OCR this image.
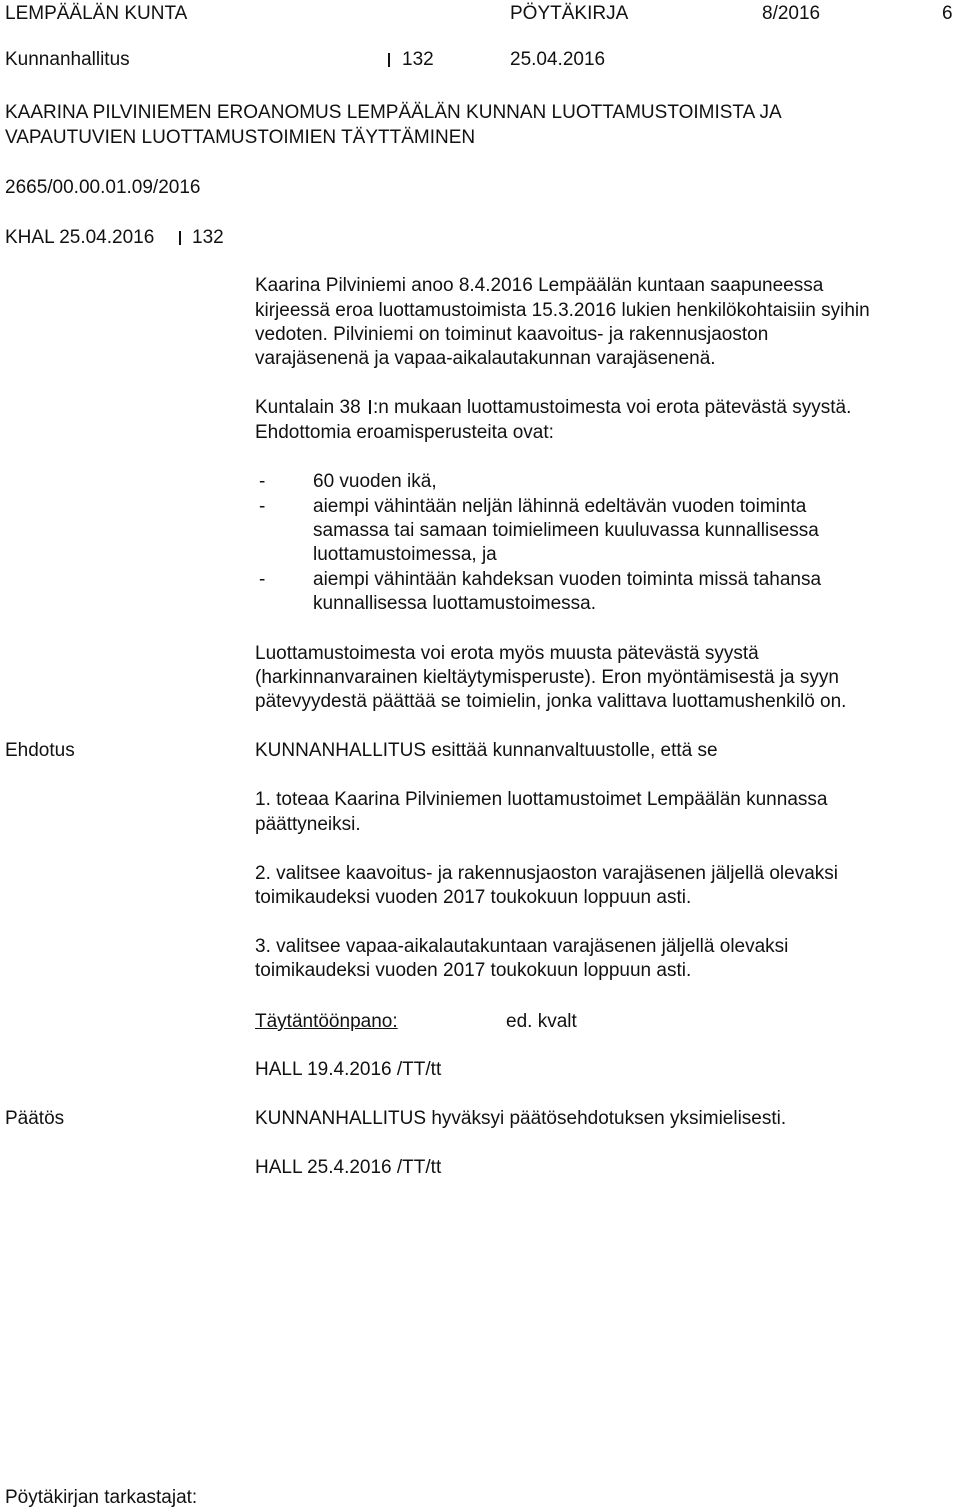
LEMPÄÄLÄN KUNTA	PÖYTÄKIRJA	8/2016	6
Kunnanhallitus	132	25.04.2016
KAARINA PILVINIEMEN EROANOMUS LEMPÄÄLÄN KUNNAN LUOTTAMUSTOIMISTA JA
VAPAUTUVIEN LUOTTAMUSTOIMIEN TÄYTTÄMINEN
2665/00.00.01.09/2016
KHAL 25.04.2016 132
Kaarina Pilviniemi anoo 8.4.2016 Lempäälän kuntaan saapuneessa
kirjeessä eroa luottamustoimista 15.3.2016 lukien henkilökohtaisiin syihin
vedoten. Pilviniemi on toiminut kaavoitus- ja rakennusjaoston
varajäsenenä ja vapaa-aikalautakunnan varajäsenenä.
Kuntalain 38 :n mukaan luottamustoimesta voi erota pätevästä syystä.
Ehdottomia eroamisperusteita ovat:
-	60 vuoden ikä,
-	aiempi vähintään neljän lähinnä edeltävän vuoden toiminta
samassa tai samaan toimielimeen kuuluvassa kunnallisessa
luottamustoimessa, ja
-	aiempi vähintään kahdeksan vuoden toiminta missä tahansa
kunnallisessa luottamustoimessa.
Luottamustoimesta voi erota myös muusta pätevästä syystä
(harkinnanvarainen kieltäytymisperuste). Eron myöntämisestä ja syyn
pätevyydestä päättää se toimielin, jonka valittava luottamushenkilö on.
Ehdotus	KUNNANHALLITUS esittää kunnanvaltuustolle, että se
1. toteaa Kaarina Pilviniemen luottamustoimet Lempäälän kunnassa
päättyneiksi.
2. valitsee kaavoitus- ja rakennusjaoston varajäsenen jäljellä olevaksi
toimikaudeksi vuoden 2017 toukokuun loppuun asti.
3. valitsee vapaa-aikalautakuntaan varajäsenen jäljellä olevaksi
toimikaudeksi vuoden 2017 toukokuun loppuun asti.
Täytäntöönpano:	ed. kvalt
HALL 19.4.2016 /TT/tt
Päätös	KUNNANHALLITUS hyväksyi päätösehdotuksen yksimielisesti.
HALL 25.4.2016 /TT/tt
Pöytäkirjan tarkastajat:
